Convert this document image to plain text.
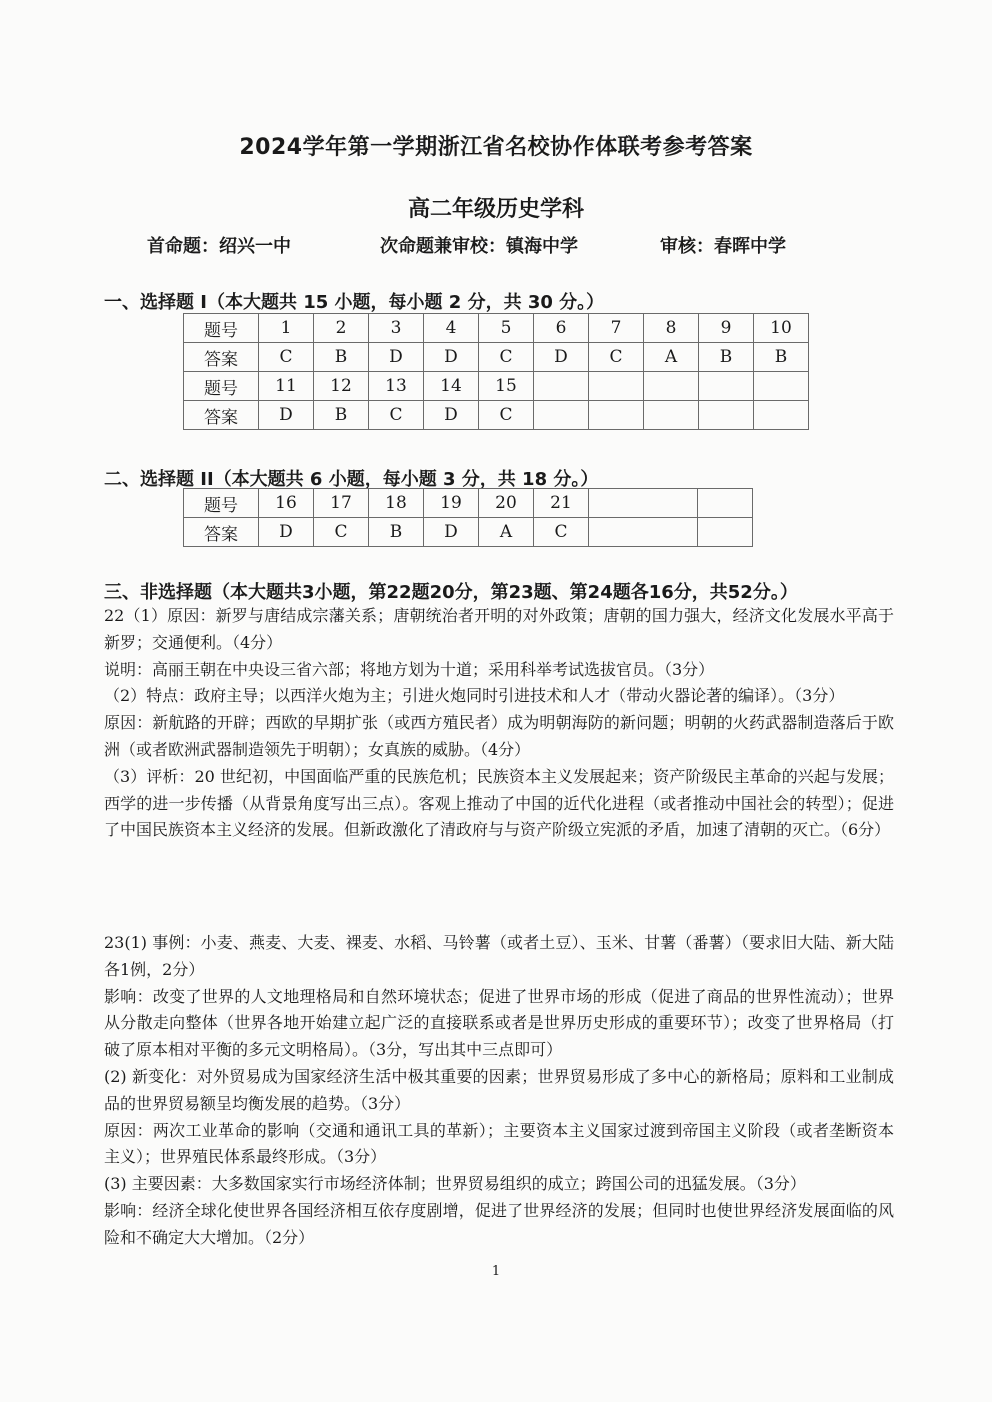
2024学年第一学期浙江省名校协作体联考参考答案
高二年级历史学科
首命题：绍兴一中	次命题兼审校：镇海中学	审核：春晖中学
一、选择题 I（本大题共 15 小题，每小题 2 分，共 30 分。）
题号	1	2	3	4	5	6	7	8	9	10
答案	C	B	D	D	C	D	C	A	B	B
题号	11	12	13	14	15					
答案	D	B	C	D	C					
二、选择题 II（本大题共 6 小题，每小题 3 分，共 18 分。）
题号	16	17	18	19	20	21		
答案	D	C	B	D	A	C		
三、非选择题（本大题共3小题，第22题20分，第23题、第24题各16分，共52分。）

22（1）原因：新罗与唐结成宗藩关系；唐朝统治者开明的对外政策；唐朝的国力强大，经济文化发展水平高于新罗；交通便利。（4分）

说明：高丽王朝在中央设三省六部；将地方划为十道；采用科举考试选拔官员。（3分）

（2）特点：政府主导；以西洋火炮为主；引进火炮同时引进技术和人才（带动火器论著的编译）。（3分）

原因：新航路的开辟；西欧的早期扩张（或西方殖民者）成为明朝海防的新问题；明朝的火药武器制造落后于欧洲（或者欧洲武器制造领先于明朝）；女真族的威胁。（4分）

（3）评析：20 世纪初，中国面临严重的民族危机；民族资本主义发展起来；资产阶级民主革命的兴起与发展；西学的进一步传播（从背景角度写出三点）。客观上推动了中国的近代化进程（或者推动中国社会的转型）；促进了中国民族资本主义经济的发展。但新政激化了清政府与与资产阶级立宪派的矛盾，加速了清朝的灭亡。（6分）

23(1) 事例：小麦、燕麦、大麦、裸麦、水稻、马铃薯（或者土豆）、玉米、甘薯（番薯）（要求旧大陆、新大陆各1例，2分）

影响：改变了世界的人文地理格局和自然环境状态；促进了世界市场的形成（促进了商品的世界性流动）；世界从分散走向整体（世界各地开始建立起广泛的直接联系或者是世界历史形成的重要环节）；改变了世界格局（打破了原本相对平衡的多元文明格局）。（3分，写出其中三点即可）

(2) 新变化：对外贸易成为国家经济生活中极其重要的因素；世界贸易形成了多中心的新格局；原料和工业制成品的世界贸易额呈均衡发展的趋势。（3分）

原因：两次工业革命的影响（交通和通讯工具的革新）；主要资本主义国家过渡到帝国主义阶段（或者垄断资本主义）；世界殖民体系最终形成。（3分）

(3) 主要因素：大多数国家实行市场经济体制；世界贸易组织的成立；跨国公司的迅猛发展。（3分）

影响：经济全球化使世界各国经济相互依存度剧增，促进了世界经济的发展；但同时也使世界经济发展面临的风险和不确定大大增加。（2分）

1
